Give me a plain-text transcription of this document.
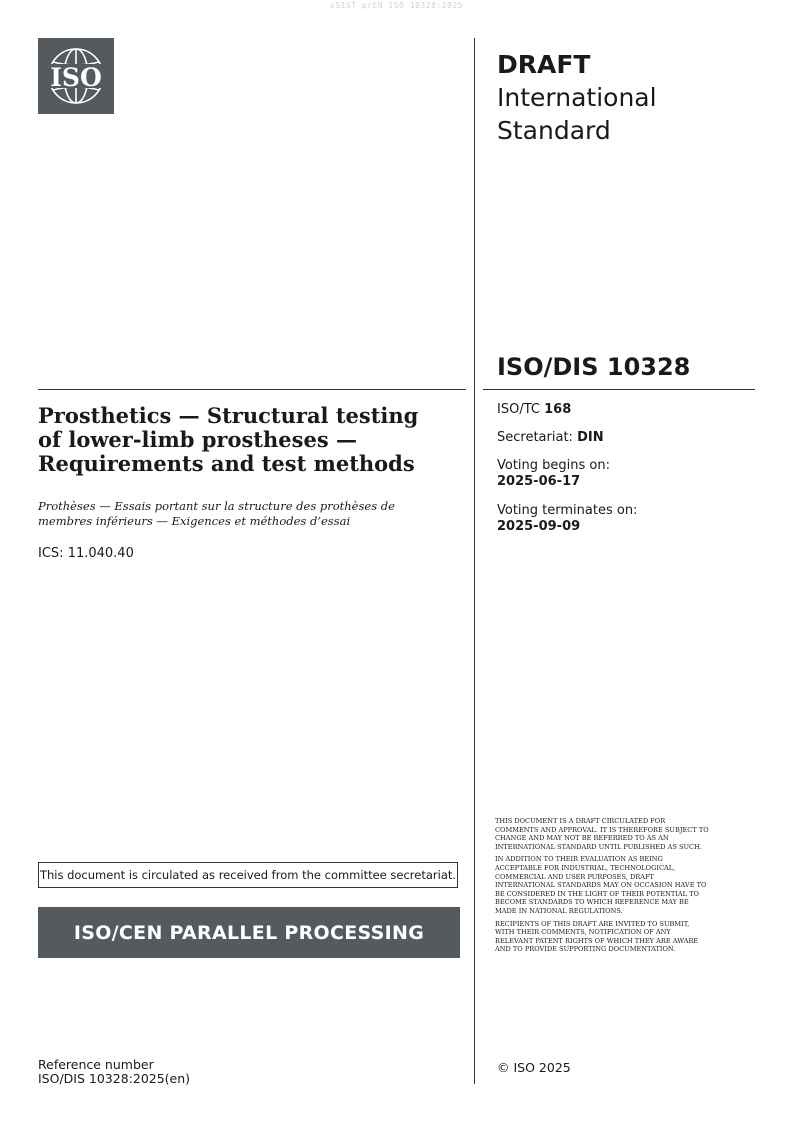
oSIST prEN ISO 10328:2025
ISO	DRAFT
International
Standard
ISO/DIS 10328
Prosthetics — Structural testing
of lower-limb prostheses —
Requirements and test methods
Prothèses — Essais portant sur la structure des prothèses de
membres inférieurs — Exigences et méthodes d’essai
ICS: 11.040.40
ISO/TC 168
Secretariat: DIN
Voting begins on:
2025-06-17
Voting terminates on:
2025-09-09

THIS DOCUMENT IS A DRAFT CIRCULATED FOR COMMENTS AND APPROVAL. IT IS THEREFORE SUBJECT TO CHANGE AND MAY NOT BE REFERRED TO AS AN INTERNATIONAL STANDARD UNTIL PUBLISHED AS SUCH.

IN ADDITION TO THEIR EVALUATION AS BEING ACCEPTABLE FOR INDUSTRIAL, TECHNOLOGICAL, COMMERCIAL AND USER PURPOSES, DRAFT INTERNATIONAL STANDARDS MAY ON OCCASION HAVE TO BE CONSIDERED IN THE LIGHT OF THEIR POTENTIAL TO BECOME STANDARDS TO WHICH REFERENCE MAY BE MADE IN NATIONAL REGULATIONS.

RECIPIENTS OF THIS DRAFT ARE INVITED TO SUBMIT, WITH THEIR COMMENTS, NOTIFICATION OF ANY RELEVANT PATENT RIGHTS OF WHICH THEY ARE AWARE AND TO PROVIDE SUPPORTING DOCUMENTATION.

This document is circulated as received from the committee secretariat.
ISO/CEN PARALLEL PROCESSING
Reference number
ISO/DIS 10328:2025(en)
© ISO 2025
